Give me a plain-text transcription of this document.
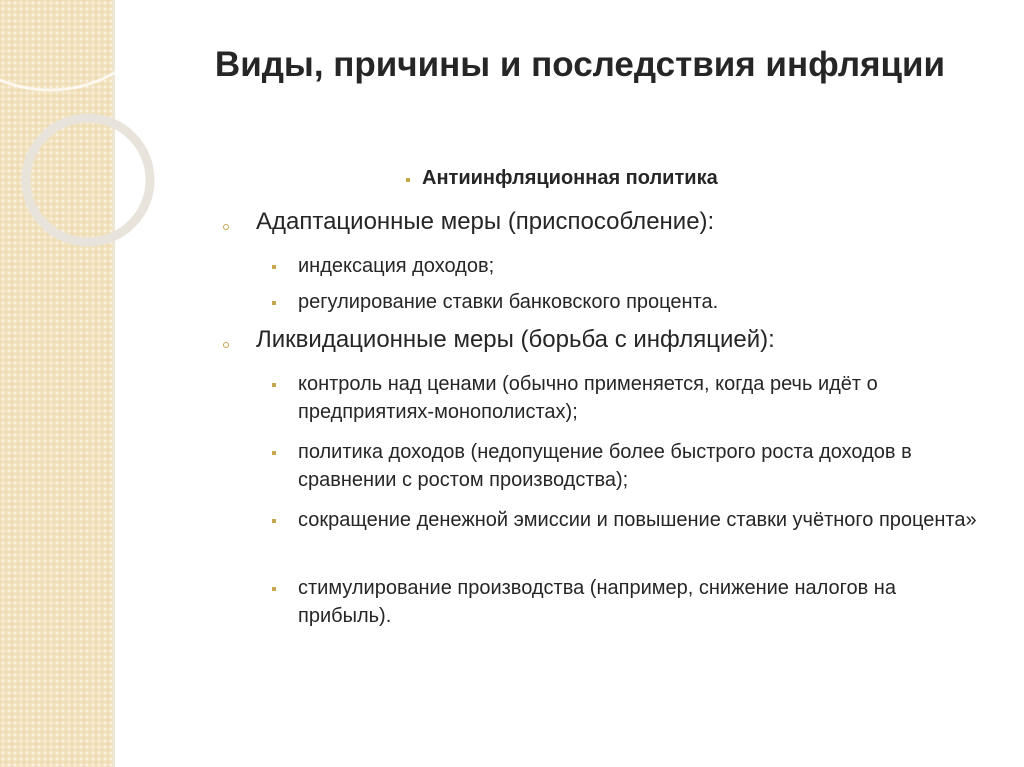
Виды, причины и последствия инфляции
Антиинфляционная политика
Адаптационные меры (приспособление):
индексация доходов;
регулирование ставки банковского процента.
Ликвидационные меры (борьба с инфляцией):
контроль над ценами (обычно применяется, когда речь идёт о предприятиях-монополистах);
политика доходов (недопущение более быстрого роста доходов в сравнении с ростом производства);
сокращение денежной эмиссии и повышение ставки учётного процента»
стимулирование производства (например, снижение налогов на прибыль).
